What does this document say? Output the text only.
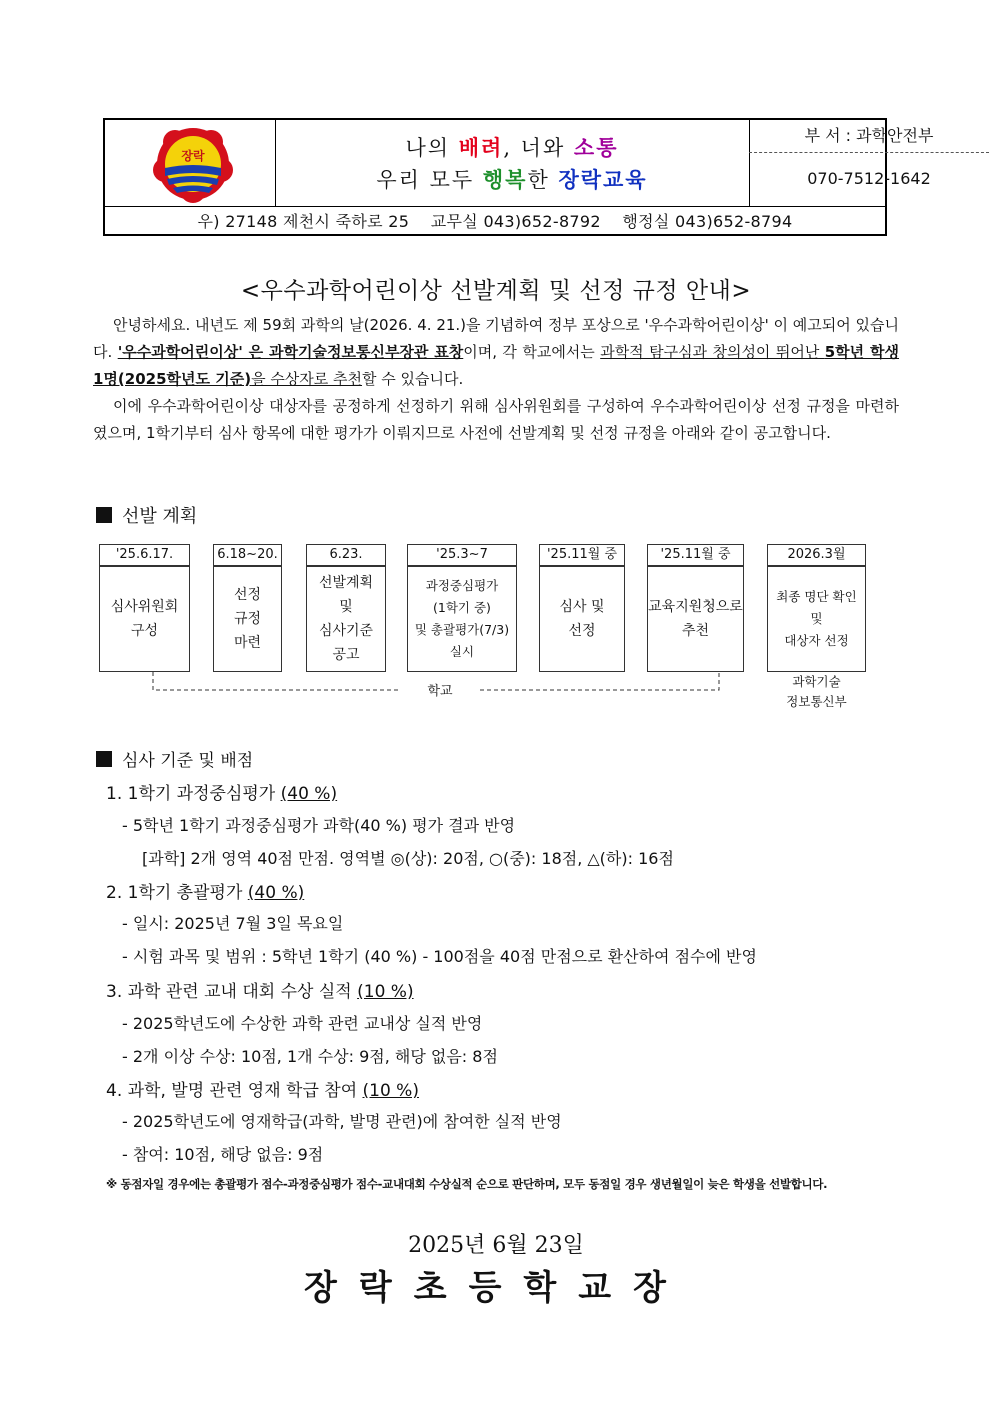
장락	나의 배려, 너와 소통
우리 모두 행복한 장락교육
부 서 : 과학안전부
070-7512-1642
우) 27148 제천시 죽하로 25    교무실 043)652-8792    행정실 043)652-8794
<우수과학어린이상 선발계획 및 선정 규정 안내>
안녕하세요. 내년도 제 59회 과학의 날(2026. 4. 21.)을 기념하여 정부 포상으로 '우수과학어린이상' 이 예고되어 있습니다. '우수과학어린이상' 은 과학기술정보통신부장관 표창이며, 각 학교에서는 과학적 탐구심과 창의성이 뛰어난 5학년 학생 1명(2025학년도 기준)을 수상자로 추천할 수 있습니다.
이에 우수과학어린이상 대상자를 공정하게 선정하기 위해 심사위원회를 구성하여 우수과학어린이상 선정 규정을 마련하였으며, 1학기부터 심사 항목에 대한 평가가 이뤄지므로 사전에 선발계획 및 선정 규정을 아래와 같이 공고합니다.
선발 계획
'25.6.17.
심사위원회
구성
6.18~20.
선정
규정
마련
6.23.
선발계획
및
심사기준
공고
'25.3~7
과정중심평가
(1학기 중)
및 총괄평가(7/3)
실시
'25.11월 중
심사 및
선정
'25.11월 중
교육지원청으로
추천
2026.3월
최종 명단 확인
및
대상자 선정
학교
과학기술
정보통신부
심사 기준 및 배점
1. 1학기 과정중심평가 (40 %)
- 5학년 1학기 과정중심평가 과학(40 %) 평가 결과 반영
[과학] 2개 영역 40점 만점. 영역별 ◎(상): 20점, ○(중): 18점, △(하): 16점
2. 1학기 총괄평가 (40 %)
- 일시: 2025년 7월 3일 목요일
- 시험 과목 및 범위 : 5학년 1학기 (40 %) - 100점을 40점 만점으로 환산하여 점수에 반영
3. 과학 관련 교내 대회 수상 실적 (10 %)
- 2025학년도에 수상한 과학 관련 교내상 실적 반영
- 2개 이상 수상: 10점, 1개 수상: 9점, 해당 없음: 8점
4. 과학, 발명 관련 영재 학급 참여 (10 %)
- 2025학년도에 영재학급(과학, 발명 관련)에 참여한 실적 반영
- 참여: 10점, 해당 없음: 9점
※ 동점자일 경우에는 총괄평가 점수-과정중심평가 점수-교내대회 수상실적 순으로 판단하며, 모두 동점일 경우 생년월일이 늦은 학생을 선발합니다.
2025년 6월 23일
장락초등학교장
